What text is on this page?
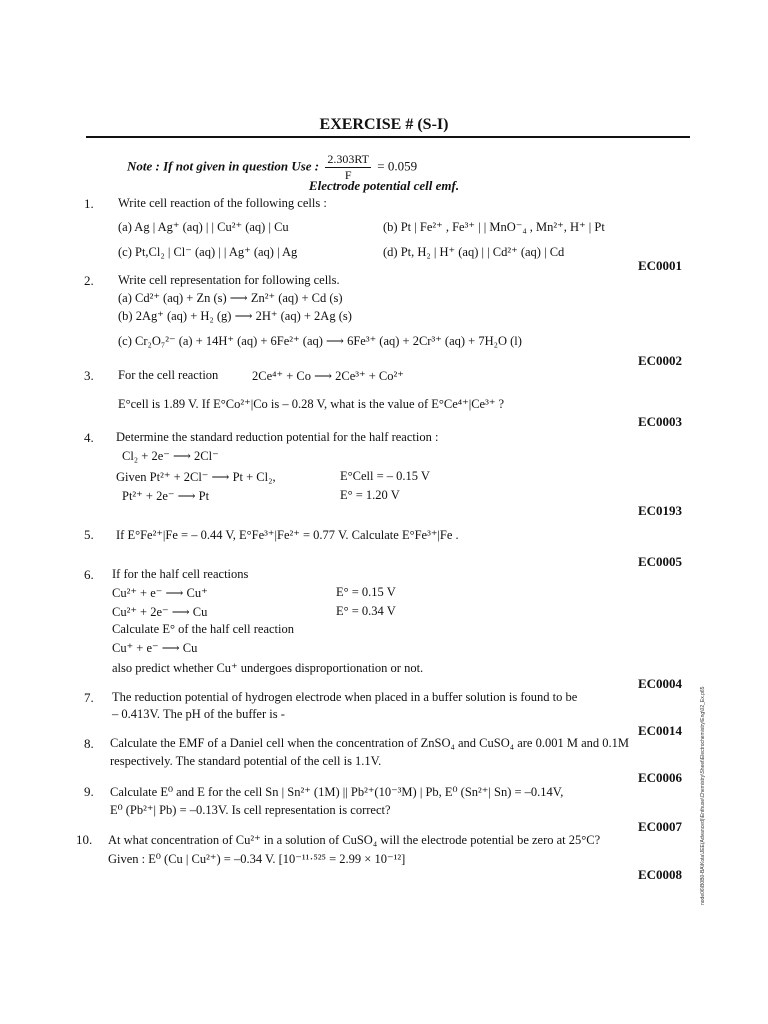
EXERCISE # (S-I)
Note : If not given in question Use : $\frac{2.303RT}{F} = 0.059$
Electrode potential cell emf.
1. Write cell reaction of the following cells :
(a) Ag | Ag⁺ (aq) | | Cu²⁺ (aq) | Cu	(b) Pt | Fe²⁺ , Fe³⁺ | | MnO⁻₄ , Mn²⁺, H⁺ | Pt
(c) Pt,Cl₂ | Cl⁻ (aq) | | Ag⁺ (aq) | Ag	(d) Pt, H₂ | H⁺ (aq) | | Cd²⁺ (aq) | Cd
EC0001
2. Write cell representation for following cells.
(a) Cd²⁺ (aq) + Zn (s) ⟶ Zn²⁺ (aq) + Cd (s)
(b) 2Ag⁺ (aq) + H₂ (g) ⟶ 2H⁺ (aq) + 2Ag (s)
(c) Cr₂O₇²⁻ (a) + 14H⁺ (aq) + 6Fe²⁺ (aq) ⟶ 6Fe³⁺ (aq) + 2Cr³⁺ (aq) + 7H₂O (l)
EC0002
3. For the cell reaction	2Ce⁴⁺ + Co ⟶ 2Ce³⁺ + Co²⁺
E°cell is 1.89 V. If E°Co²⁺|Co is – 0.28 V, what is the value of E°Ce⁴⁺|Ce³⁺ ?
EC0003
4. Determine the standard reduction potential for the half reaction :
Cl₂ + 2e⁻ ⟶ 2Cl⁻
Given Pt²⁺ + 2Cl⁻ ⟶ Pt + Cl₂,	E°Cell = – 0.15 V
Pt²⁺ + 2e⁻ ⟶ Pt	E° = 1.20 V
EC0193
5. If E°Fe²⁺|Fe = – 0.44 V, E°Fe³⁺|Fe²⁺ = 0.77 V. Calculate E°Fe³⁺|Fe .
EC0005
6. If for the half cell reactions
Cu²⁺ + e⁻ ⟶ Cu⁺	E° = 0.15 V
Cu²⁺ + 2e⁻ ⟶ Cu	E° = 0.34 V
Calculate E° of the half cell reaction
Cu⁺ + e⁻ ⟶ Cu
also predict whether Cu⁺ undergoes disproportionation or not.
EC0004
7. The reduction potential of hydrogen electrode when placed in a buffer solution is found to be
– 0.413V. The pH of the buffer is -
EC0014
8. Calculate the EMF of a Daniel cell when the concentration of ZnSO₄ and CuSO₄ are 0.001 M and 0.1M
respectively. The standard potential of the cell is 1.1V.
EC0006
9. Calculate E⁰ and E for the cell Sn | Sn²⁺ (1M) || Pb²⁺(10⁻³M) | Pb, E⁰ (Sn²⁺| Sn) = –0.14V,
E⁰ (Pb²⁺| Pb) = –0.13V. Is cell representation is correct?
EC0007
10. At what concentration of Cu²⁺ in a solution of CuSO₄ will the electrode potential be zero at 25°C?
Given : E⁰ (Cu | Cu²⁺) = –0.34 V. [10⁻¹¹·⁵²⁵ = 2.99 × 10⁻¹²]
EC0008	node06\B0B0-BA\Kota\JEE(Advanced)\Enthuse\Chemistry\Sheet\Electrochemistry\Eng\02_Ex.p65
